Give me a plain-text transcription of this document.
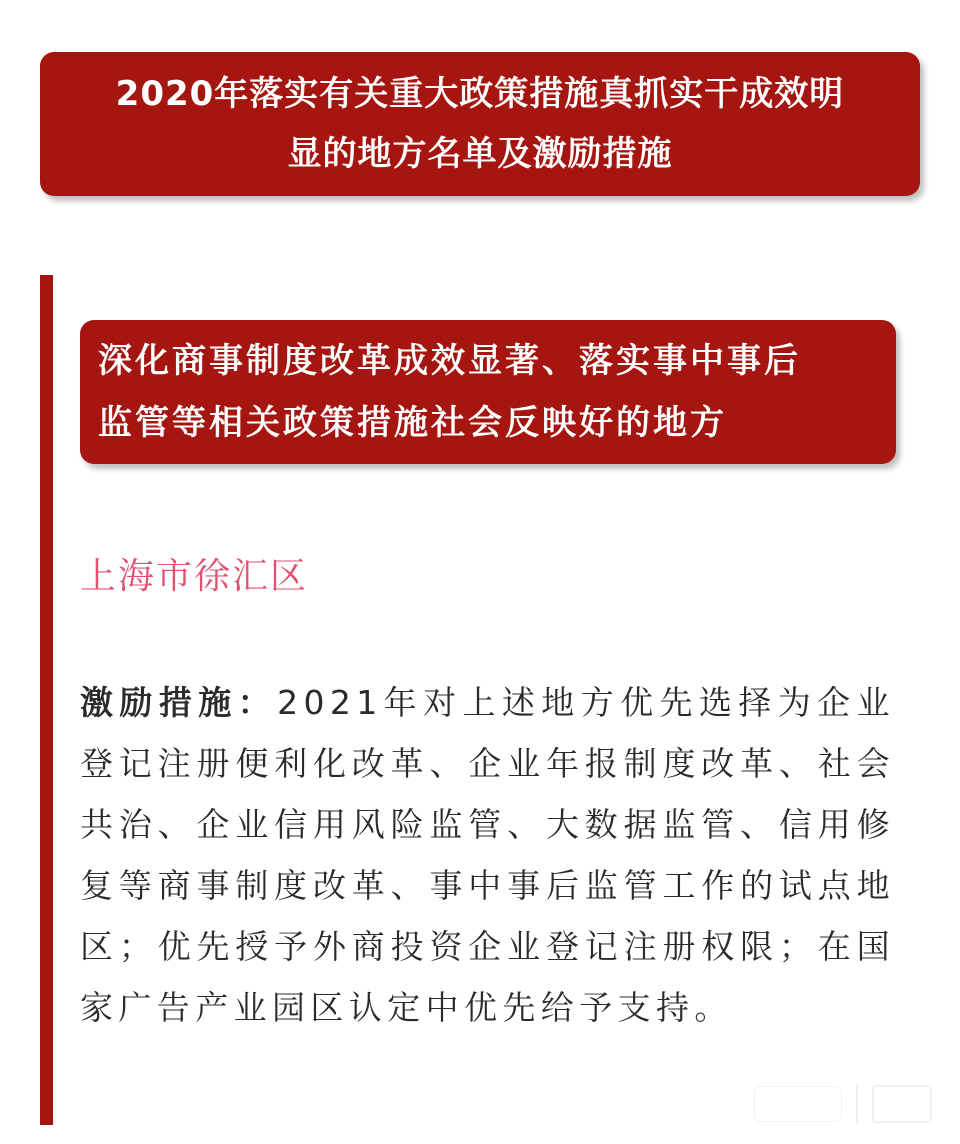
2020年落实有关重大政策措施真抓实干成效明
显的地方名单及激励措施
深化商事制度改革成效显著、落实事中事后
监管等相关政策措施社会反映好的地方

上海市徐汇区

激励措施：2021年对上述地方优先选择为企业登记注册便利化改革、企业年报制度改革、社会共治、企业信用风险监管、大数据监管、信用修复等商事制度改革、事中事后监管工作的试点地区；优先授予外商投资企业登记注册权限；在国家广告产业园区认定中优先给予支持。
